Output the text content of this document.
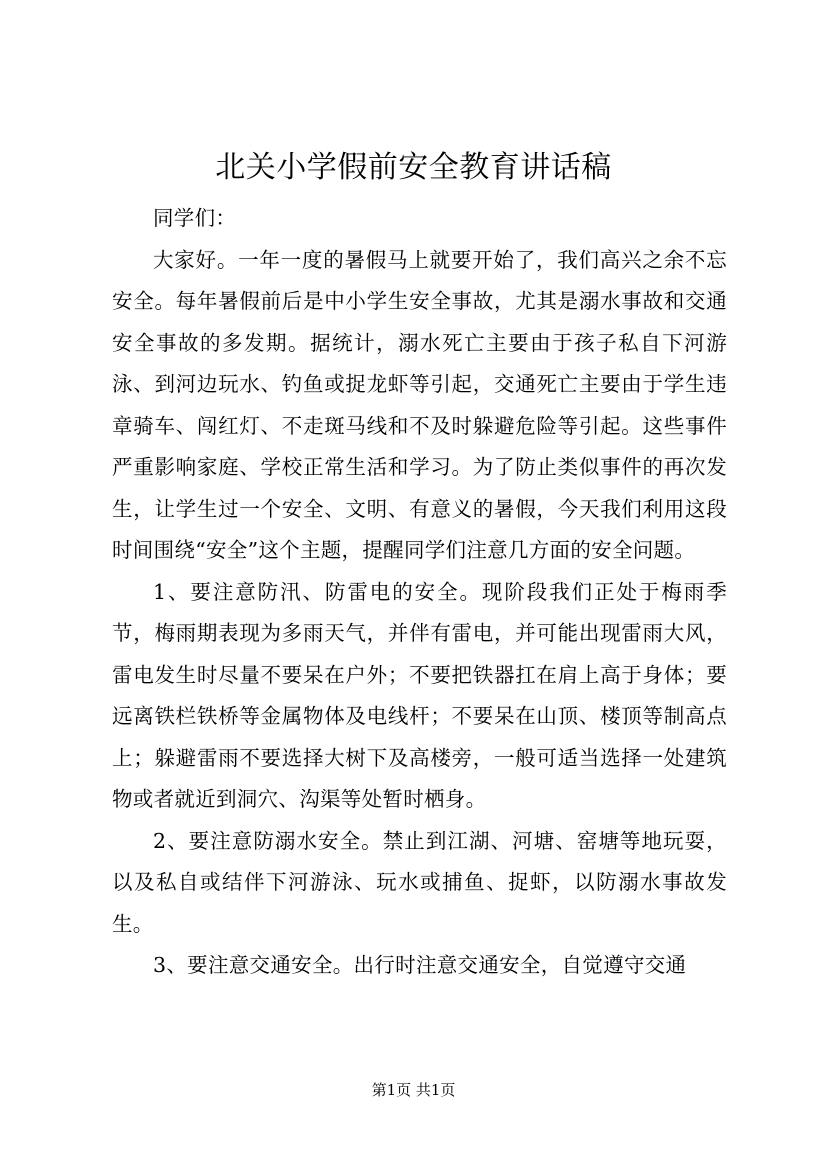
北关小学假前安全教育讲话稿

同学们：

大家好。一年一度的暑假马上就要开始了，我们高兴之余不忘安全。每年暑假前后是中小学生安全事故，尤其是溺水事故和交通安全事故的多发期。据统计，溺水死亡主要由于孩子私自下河游泳、到河边玩水、钓鱼或捉龙虾等引起，交通死亡主要由于学生违章骑车、闯红灯、不走斑马线和不及时躲避危险等引起。这些事件严重影响家庭、学校正常生活和学习。为了防止类似事件的再次发生，让学生过一个安全、文明、有意义的暑假，今天我们利用这段时间围绕“安全”这个主题，提醒同学们注意几方面的安全问题。

1、要注意防汛、防雷电的安全。现阶段我们正处于梅雨季节，梅雨期表现为多雨天气，并伴有雷电，并可能出现雷雨大风，雷电发生时尽量不要呆在户外；不要把铁器扛在肩上高于身体；要远离铁栏铁桥等金属物体及电线杆；不要呆在山顶、楼顶等制高点上；躲避雷雨不要选择大树下及高楼旁，一般可适当选择一处建筑物或者就近到洞穴、沟渠等处暂时栖身。

2、要注意防溺水安全。禁止到江湖、河塘、窑塘等地玩耍，以及私自或结伴下河游泳、玩水或捕鱼、捉虾，以防溺水事故发生。

3、要注意交通安全。出行时注意交通安全，自觉遵守交通

第1页 共1页
